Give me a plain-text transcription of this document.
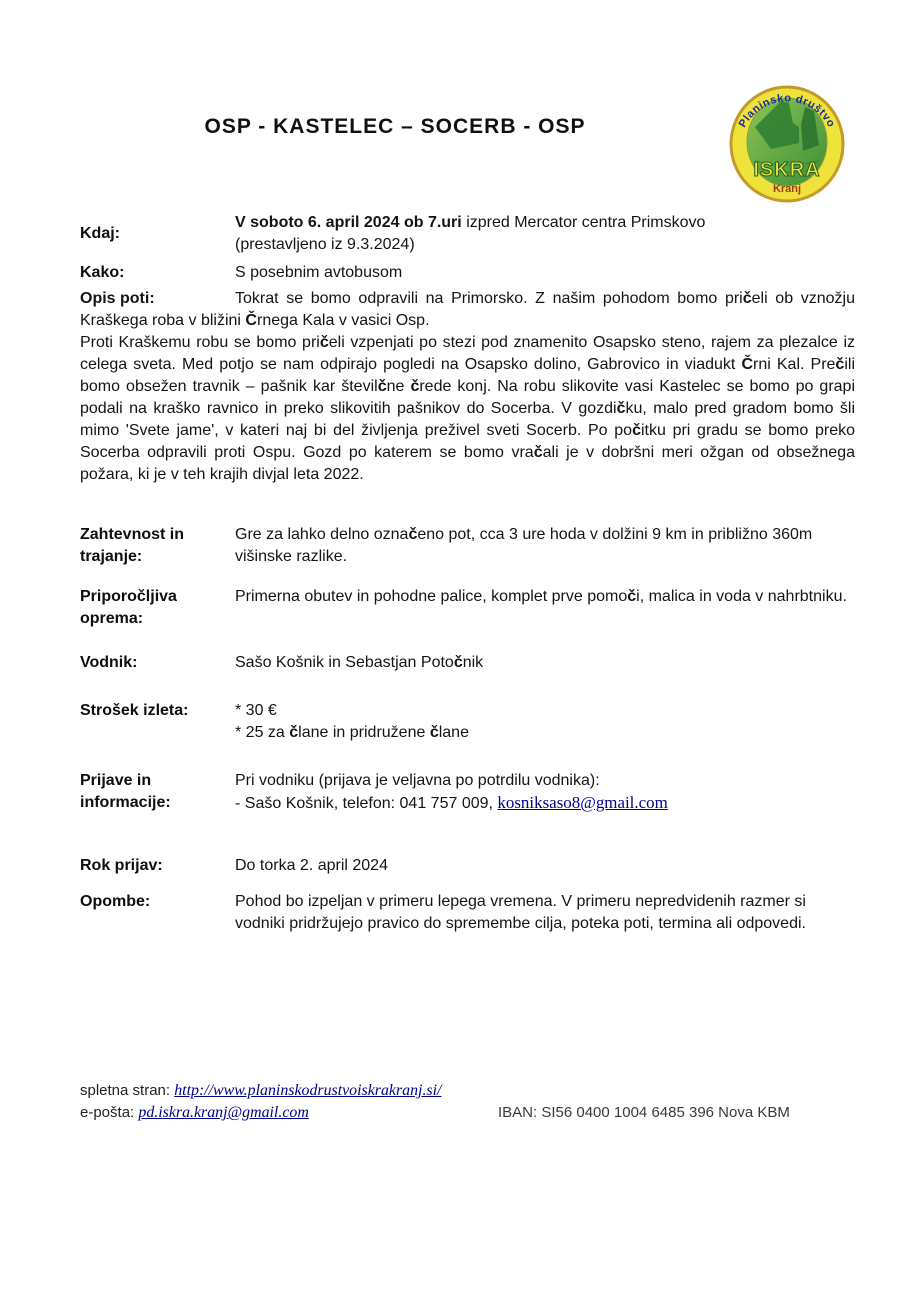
OSP - KASTELEC – SOCERB - OSP	Planinsko društvo
ISKRA
Kranj
Kdaj:
V soboto 6. april 2024 ob 7.uri izpred Mercator centra Primskovo
(prestavljeno iz 9.3.2024)
Kako:	S posebnim avtobusom
Opis poti:	Tokrat se bomo odpravili na Primorsko. Z našim pohodom bomo pričeli ob vznožju Kraškega roba v bližini Črnega Kala v vasici Osp.
Proti Kraškemu robu se bomo pričeli vzpenjati po stezi pod znamenito Osapsko steno, rajem za plezalce iz celega sveta. Med potjo se nam odpirajo pogledi na Osapsko dolino, Gabrovico in viadukt Črni Kal. Prečili bomo obsežen travnik – pašnik kar številčne črede konj. Na robu slikovite vasi Kastelec se bomo po grapi podali na kraško ravnico in preko slikovitih pašnikov do Socerba. V gozdičku, malo pred gradom bomo šli mimo 'Svete jame', v kateri naj bi del življenja preživel sveti Socerb. Po počitku pri gradu se bomo preko Socerba odpravili proti Ospu. Gozd po katerem se bomo vračali je v dobršni meri ožgan od obsežnega požara, ki je v teh krajih divjal leta 2022.
Zahtevnost in trajanje:
Gre za lahko delno označeno pot, cca 3 ure hoda v dolžini 9 km in približno 360m višinske razlike.
Priporočljiva oprema:
Primerna obutev in pohodne palice, komplet prve pomoči, malica in voda v nahrbtniku.
Vodnik:	Sašo Košnik in Sebastjan Potočnik
Strošek izleta:	* 30 €
* 25 za člane in pridružene člane
Prijave in informacije:
Pri vodniku (prijava je veljavna po potrdilu vodnika):
- Sašo Košnik, telefon: 041 757 009, kosniksaso8@gmail.com
Rok prijav:	Do torka 2. april 2024
Opombe:	Pohod bo izpeljan v primeru lepega vremena. V primeru nepredvidenih razmer si vodniki pridržujejo pravico do spremembe cilja, poteka poti, termina ali odpovedi.
spletna stran: http://www.planinskodrustvoiskrakranj.si/
e-pošta: pd.iskra.kranj@gmail.com	IBAN: SI56 0400 1004 6485 396 Nova KBM
